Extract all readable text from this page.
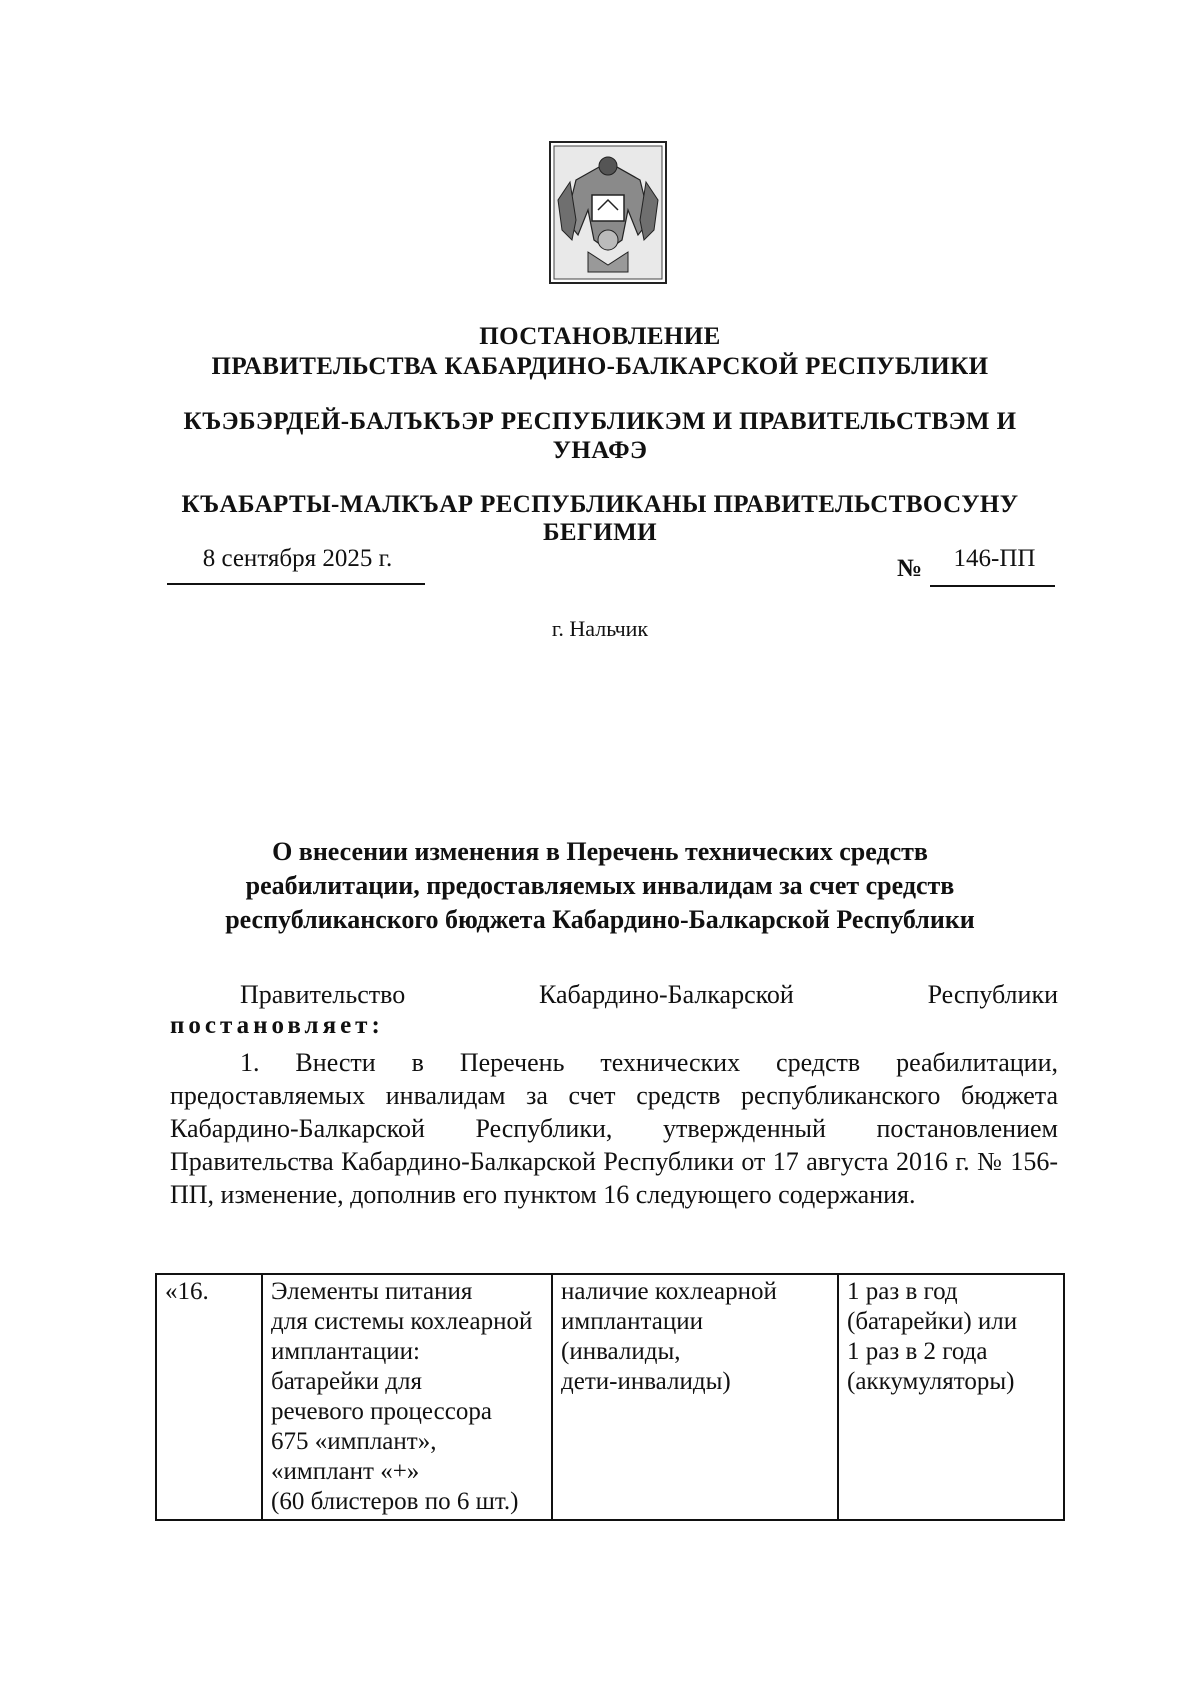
ПОСТАНОВЛЕНИЕ
ПРАВИТЕЛЬСТВА КАБАРДИНО-БАЛКАРСКОЙ РЕСПУБЛИКИ
КЪЭБЭРДЕЙ-БАЛЪКЪЭР РЕСПУБЛИКЭМ И ПРАВИТЕЛЬСТВЭМ И
УНАФЭ
КЪАБАРТЫ-МАЛКЪАР РЕСПУБЛИКАНЫ ПРАВИТЕЛЬСТВОСУНУ
БЕГИМИ
8 сентября 2025 г.	№	146-ПП
г. Нальчик
О внесении изменения в Перечень технических средств
реабилитации, предоставляемых инвалидам за счет средств
республиканского бюджета Кабардино-Балкарской Республики
Правительство	Кабардино-Балкарской	Республики
постановляет:
1. Внести в Перечень технических средств реабилитации, предоставляемых инвалидам за счет средств республиканского бюджета Кабардино-Балкарской Республики, утвержденный постановлением Правительства Кабардино-Балкарской Республики от 17 августа 2016 г. № 156-ПП, изменение, дополнив его пунктом 16 следующего содержания.
«16.	Элементы питания
для системы кохлеарной
имплантации:
батарейки для
речевого процессора
675 «имплант»,
«имплант «+»
(60 блистеров по 6 шт.)

наличие кохлеарной
имплантации
(инвалиды,
дети-инвалиды)

1 раз в год
(батарейки) или
1 раз в 2 года
(аккумуляторы)
